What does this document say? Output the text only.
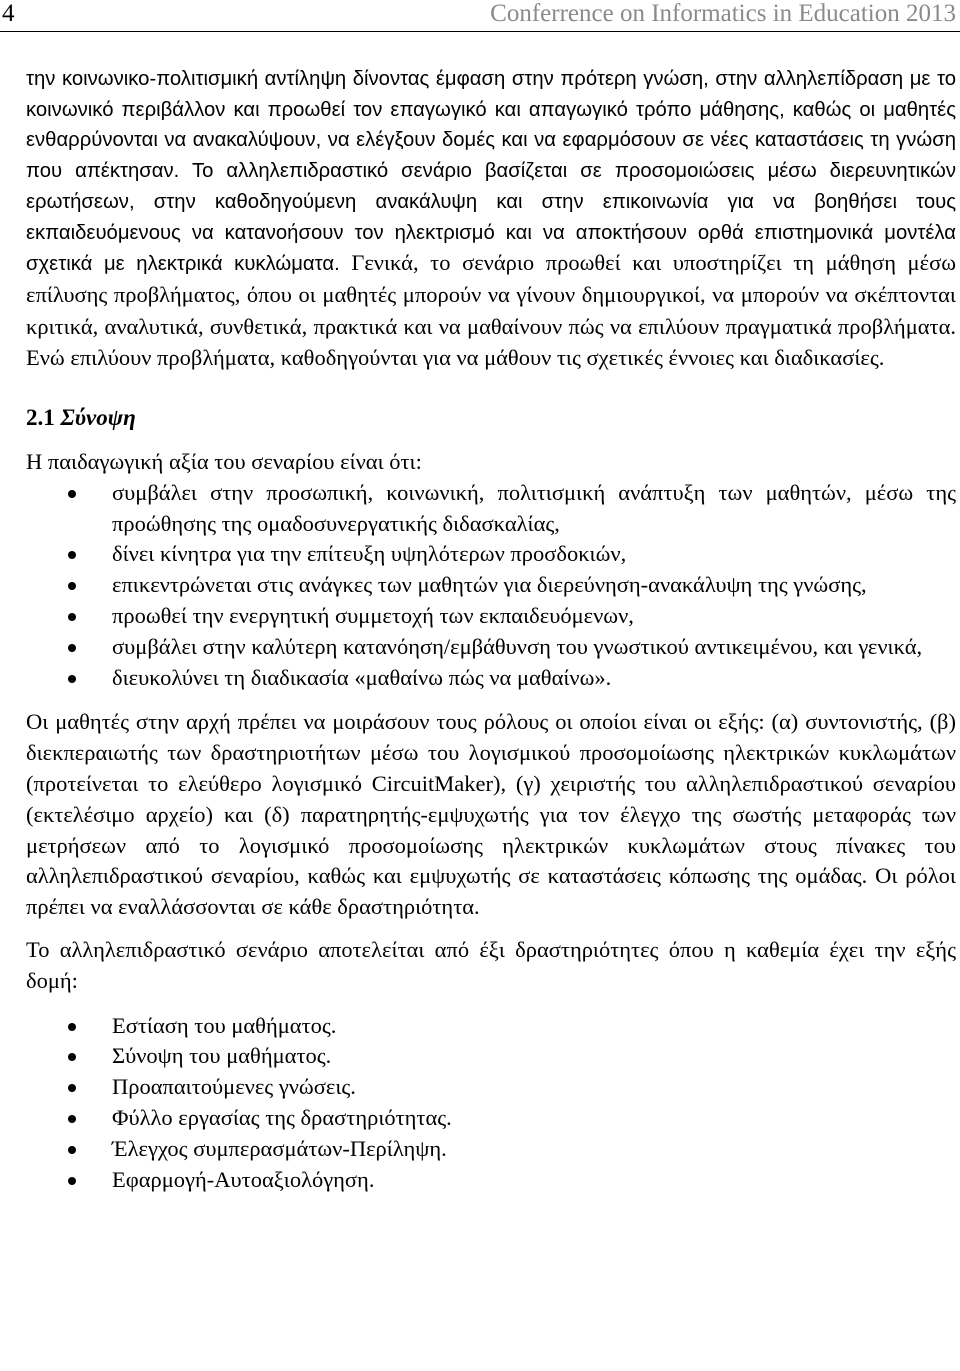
4	Conferrence on Informatics in Education 2013

την κοινωνικο-πολιτισμική αντίληψη δίνοντας έμφαση στην πρότερη γνώση, στην αλληλεπίδραση με το κοινωνικό περιβάλλον και προωθεί τον επαγωγικό και απαγωγικό τρόπο μάθησης, καθώς οι μαθητές ενθαρρύνονται να ανακαλύψουν, να ελέγξουν δομές και να εφαρμόσουν σε νέες καταστάσεις τη γνώση που απέκτησαν. Το αλληλεπιδραστικό σενάριο βασίζεται σε προσομοιώσεις μέσω διερευνητικών ερωτήσεων, στην καθοδηγούμενη ανακάλυψη και στην επικοινωνία για να βοηθήσει τους εκπαιδευόμενους να κατανοήσουν τον ηλεκτρισμό και να αποκτήσουν ορθά επιστημονικά μοντέλα σχετικά με ηλεκτρικά κυκλώματα. Γενικά, το σενάριο προωθεί και υποστηρίζει τη μάθηση μέσω επίλυσης προβλήματος, όπου οι μαθητές μπορούν να γίνουν δημιουργικοί, να μπορούν να σκέπτονται κριτικά, αναλυτικά, συνθετικά, πρακτικά και να μαθαίνουν πώς να επιλύουν πραγματικά προβλήματα. Ενώ επιλύουν προβλήματα, καθοδηγούνται για να μάθουν τις σχετικές έννοιες και διαδικασίες.

2.1 Σύνοψη

Η παιδαγωγική αξία του σεναρίου είναι ότι:

συμβάλει στην προσωπική, κοινωνική, πολιτισμική ανάπτυξη των μαθητών, μέσω της προώθησης της ομαδοσυνεργατικής διδασκαλίας,
δίνει κίνητρα για την επίτευξη υψηλότερων προσδοκιών,
επικεντρώνεται στις ανάγκες των μαθητών για διερεύνηση-ανακάλυψη της γνώσης,
προωθεί την ενεργητική συμμετοχή των εκπαιδευόμενων,
συμβάλει στην καλύτερη κατανόηση/εμβάθυνση του γνωστικού αντικειμένου, και γενικά,
διευκολύνει τη διαδικασία «μαθαίνω πώς να μαθαίνω».

Οι μαθητές στην αρχή πρέπει να μοιράσουν τους ρόλους οι οποίοι είναι οι εξής: (α) συντονιστής, (β) διεκπεραιωτής των δραστηριοτήτων μέσω του λογισμικού προσομοίωσης ηλεκτρικών κυκλωμάτων (προτείνεται το ελεύθερο λογισμικό CircuitMaker), (γ) χειριστής του αλληλεπιδραστικού σεναρίου (εκτελέσιμο αρχείο) και (δ) παρατηρητής-εμψυχωτής για τον έλεγχο της σωστής μεταφοράς των μετρήσεων από το λογισμικό προσομοίωσης ηλεκτρικών κυκλωμάτων στους πίνακες του αλληλεπιδραστικού σεναρίου, καθώς και εμψυχωτής σε καταστάσεις κόπωσης της ομάδας. Οι ρόλοι πρέπει να εναλλάσσονται σε κάθε δραστηριότητα.

Το αλληλεπιδραστικό σενάριο αποτελείται από έξι δραστηριότητες όπου η καθεμία έχει την εξής δομή:

Εστίαση του μαθήματος.
Σύνοψη του μαθήματος.
Προαπαιτούμενες γνώσεις.
Φύλλο εργασίας της δραστηριότητας.
Έλεγχος συμπερασμάτων-Περίληψη.
Εφαρμογή-Αυτοαξιολόγηση.
